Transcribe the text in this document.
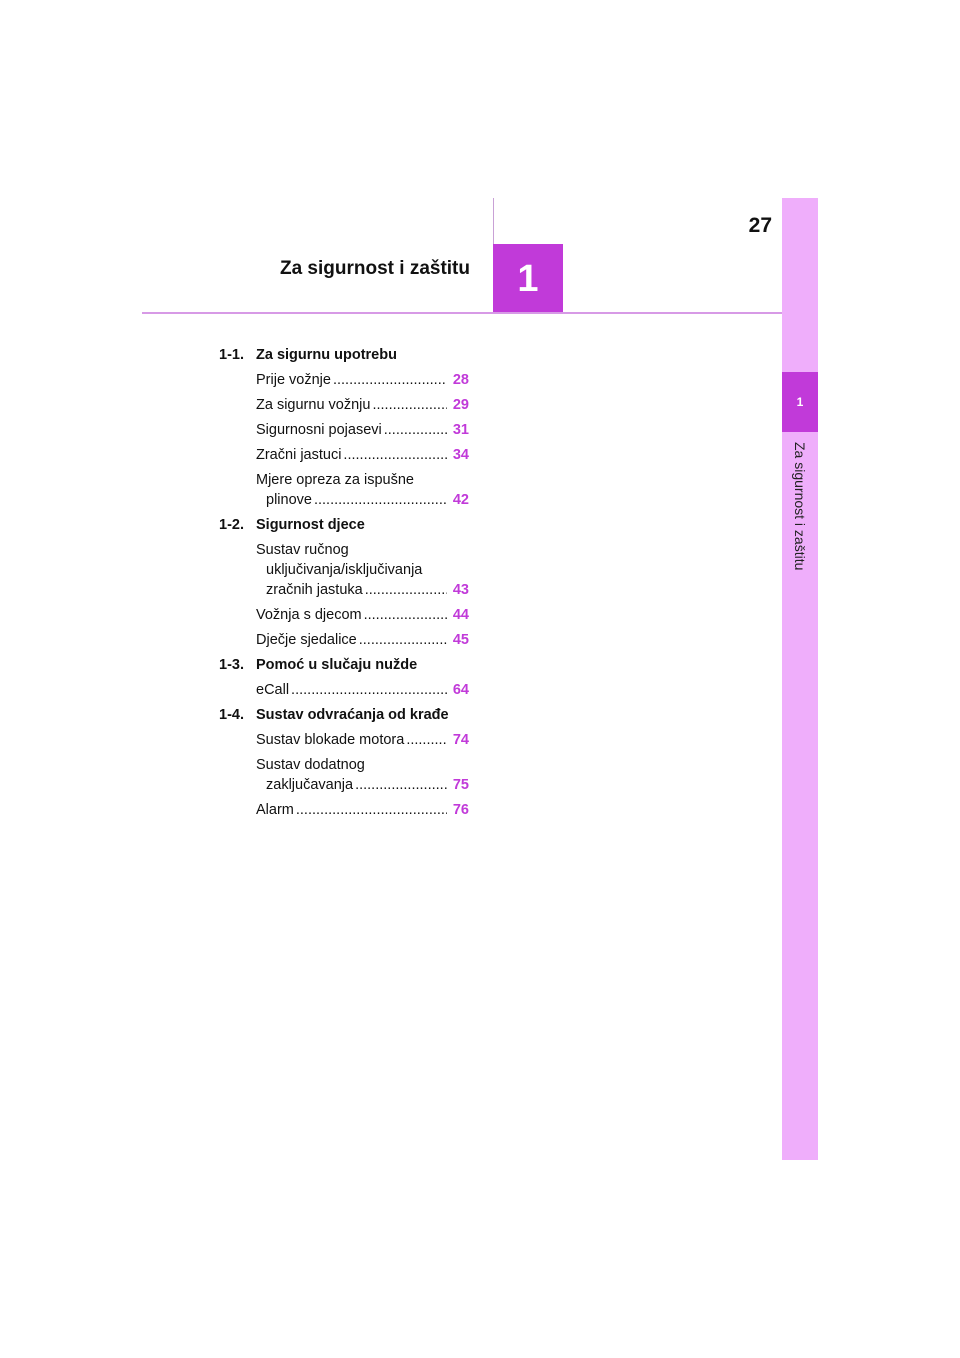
27
1
Za sigurnost i zaštitu
1
Za sigurnost i zaštitu
1-1. Za sigurnu upotrebu
Prije vožnje .....	28
Za sigurnu vožnju .....	29
Sigurnosni pojasevi .....	31
Zračni jastuci .....	34
Mjere opreza za ispušne
plinove .....	42
1-2. Sigurnost djece
Sustav ručnog
uključivanja/isključivanja
zračnih jastuka .....	43
Vožnja s djecom .....	44
Dječje sjedalice .....	45
1-3. Pomoć u slučaju nužde
eCall .....	64
1-4. Sustav odvraćanja od krađe
Sustav blokade motora .....	74
Sustav dodatnog
zaključavanja .....	75
Alarm .....	76
